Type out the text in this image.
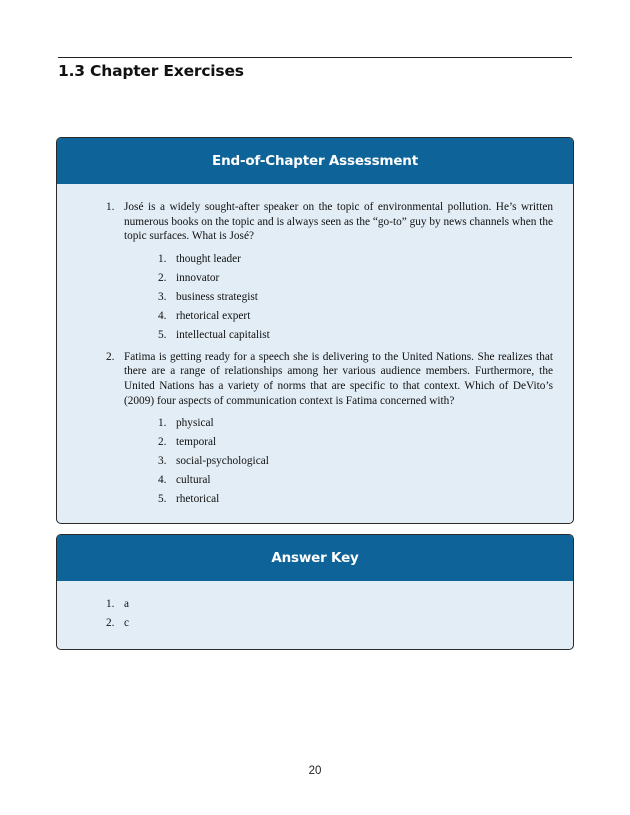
1.3 Chapter Exercises
End-of-Chapter Assessment
1. José is a widely sought-after speaker on the topic of environmental pollution. He’s written numerous books on the topic and is always seen as the “go-to” guy by news channels when the topic surfaces. What is José?
1. thought leader
2. innovator
3. business strategist
4. rhetorical expert
5. intellectual capitalist
2. Fatima is getting ready for a speech she is delivering to the United Nations. She realizes that there are a range of relationships among her various audience members. Furthermore, the United Nations has a variety of norms that are specific to that context. Which of DeVito’s (2009) four aspects of communication context is Fatima concerned with?
1. physical
2. temporal
3. social-psychological
4. cultural
5. rhetorical
Answer Key
1. a
2. c
20
